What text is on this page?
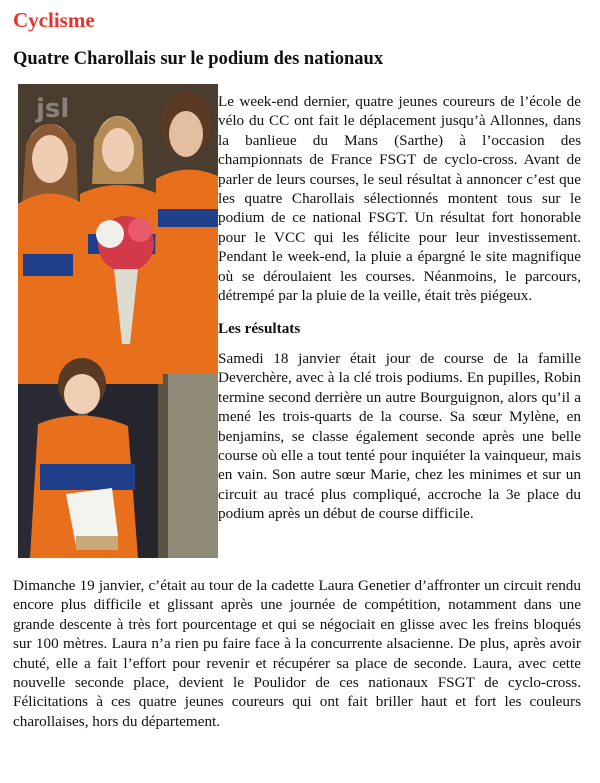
Cyclisme
Quatre Charollais sur le podium des nationaux
jsl	Le week-end dernier, quatre jeunes coureurs de l’école de vélo du CC ont fait le déplacement jusqu’à Allonnes, dans la banlieue du Mans (Sarthe) à l’occasion des championnats de France FSGT de cyclo-cross. Avant de parler de leurs courses, le seul résultat à annoncer c’est que les quatre Charollais sélectionnés montent tous sur le podium de ce national FSGT. Un résultat fort honorable pour le VCC qui les félicite pour leur investissement. Pendant le week-end, la pluie a épargné le site magnifique où se déroulaient les courses. Néanmoins, le parcours, détrempé par la pluie de la veille, était très piégeux.

Les résultats

Samedi 18 janvier était jour de course de la famille Deverchère, avec à la clé trois podiums. En pupilles, Robin termine second derrière un autre Bourguignon, alors qu’il a mené les trois-quarts de la course. Sa sœur Mylène, en benjamins, se classe également seconde après une belle course où elle a tout tenté pour inquiéter la vainqueur, mais en vain. Son autre sœur Marie, chez les minimes et sur un circuit au tracé plus compliqué, accroche la 3e place du podium après un début de course difficile.

Dimanche 19 janvier, c’était au tour de la cadette Laura Genetier d’affronter un circuit rendu encore plus difficile et glissant après une journée de compétition, notamment dans une grande descente à très fort pourcentage et qui se négociait en glisse avec les freins bloqués sur 100 mètres. Laura n’a rien pu faire face à la concurrente alsacienne. De plus, après avoir chuté, elle a fait l’effort pour revenir et récupérer sa place de seconde. Laura, avec cette nouvelle seconde place, devient le Poulidor de ces nationaux FSGT de cyclo-cross. Félicitations à ces quatre jeunes coureurs qui ont fait briller haut et fort les couleurs charollaises, hors du département.
